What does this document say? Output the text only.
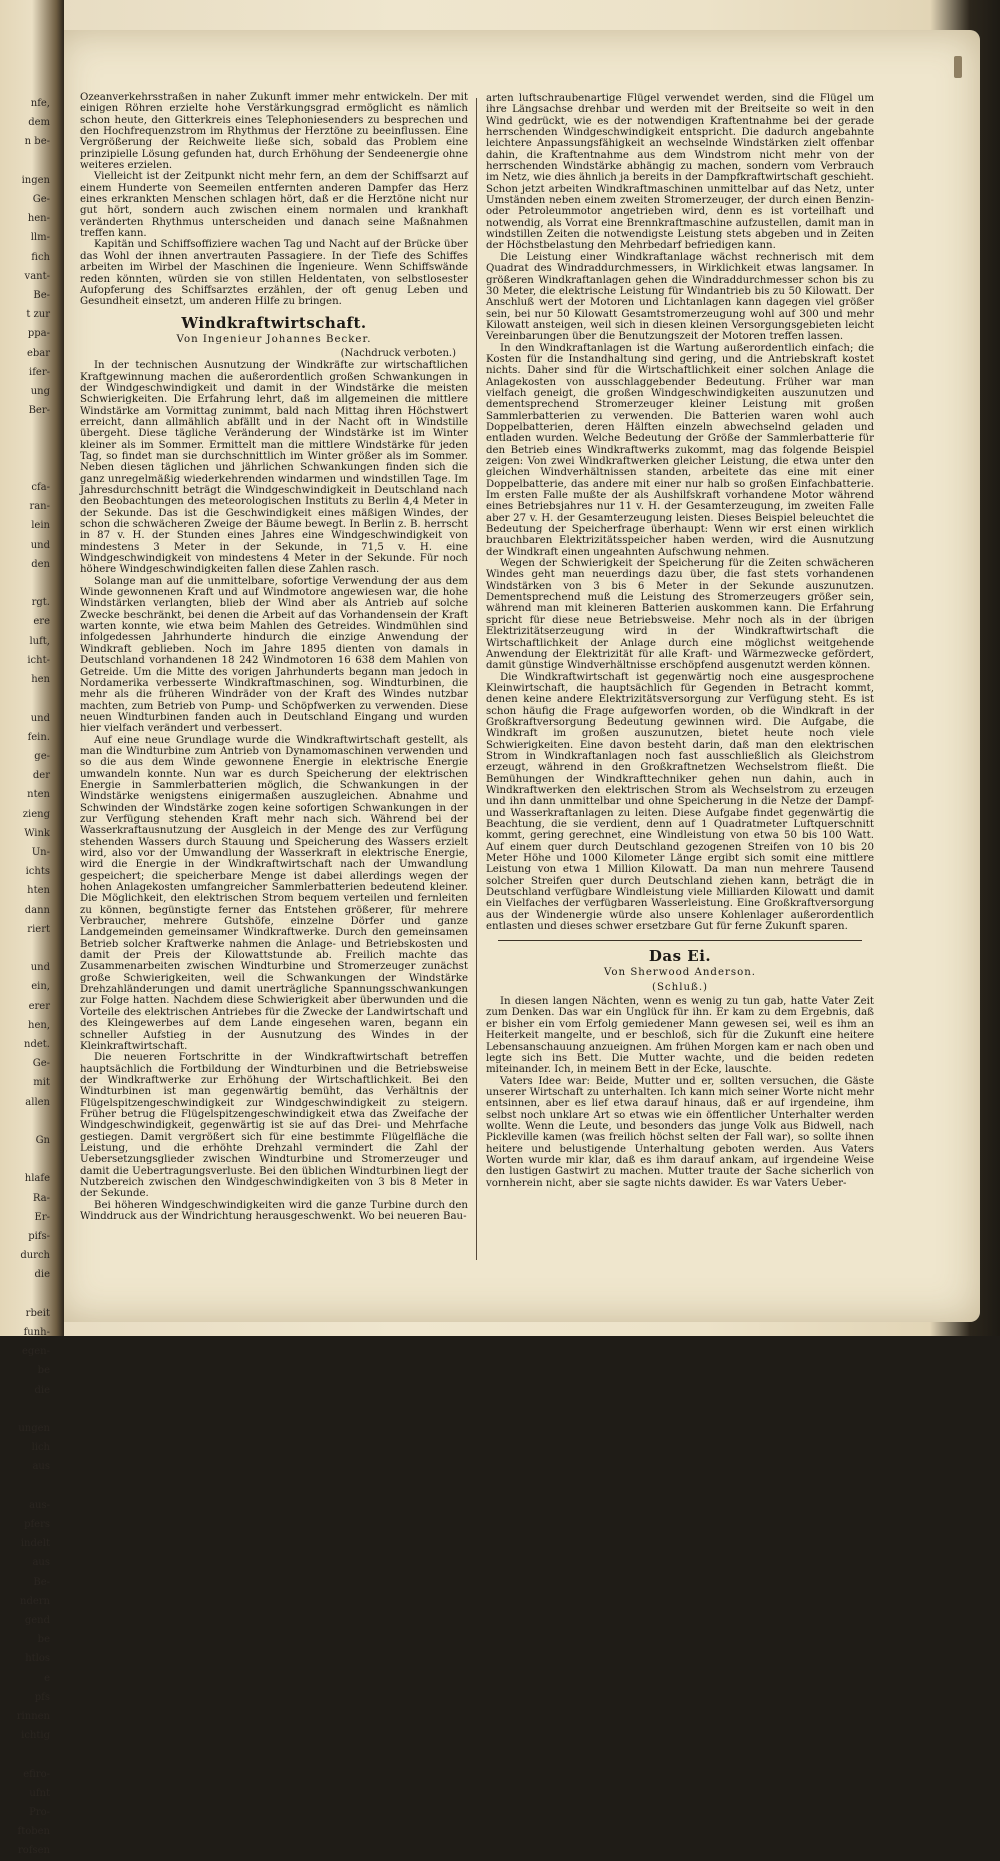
nfe,
dem
n be-

ingen
Ge-
hen-
llm-
fich
vant-
Be-
t zur
ppa-
ebar
ifer-
ung
Ber-

cfa-
ran-
lein
und
den

rgt.
ere
luft,
icht-
hen

und
fein.
ge-
der
nten
zieng
Wink
Un-
ichts
hten
dann
riert

und
ein,
erer
hen,
ndet.
Ge-
mit
allen

Gn

hlafe
Ra-
Er-
pifs-
durch
die

rbeit
funh-
egen-
be
die

ungen
lich
aus

aus-
pfers
indelt
aus
Be-
ndern
gend
be
htlos
e
pfs
rinnen
ichtig

efiro-
ufnt
Pro-
ftoben
rofsen

Ozeanverkehrsstraßen in naher Zukunft immer mehr entwickeln. Der mit einigen Röhren erzielte hohe Verstärkungsgrad ermöglicht es nämlich schon heute, den Gitterkreis eines Telephoniesenders zu besprechen und den Hochfrequenzstrom im Rhythmus der Herztöne zu beeinflussen. Eine Vergrößerung der Reichweite ließe sich, sobald das Problem eine prinzipielle Lösung gefunden hat, durch Erhöhung der Sendeenergie ohne weiteres erzielen.

Vielleicht ist der Zeitpunkt nicht mehr fern, an dem der Schiffsarzt auf einem Hunderte von Seemeilen entfernten anderen Dampfer das Herz eines erkrankten Menschen schlagen hört, daß er die Herztöne nicht nur gut hört, sondern auch zwischen einem normalen und krankhaft veränderten Rhythmus unterscheiden und danach seine Maßnahmen treffen kann.

Kapitän und Schiffsoffiziere wachen Tag und Nacht auf der Brücke über das Wohl der ihnen anvertrauten Passagiere. In der Tiefe des Schiffes arbeiten im Wirbel der Maschinen die Ingenieure. Wenn Schiffswände reden könnten, würden sie von stillen Heldentaten, von selbstlosester Aufopferung des Schiffsarztes erzählen, der oft genug Leben und Gesundheit einsetzt, um anderen Hilfe zu bringen.

Windkraftwirtschaft.
Von Ingenieur Johannes Becker.
(Nachdruck verboten.)

In der technischen Ausnutzung der Windkräfte zur wirtschaftlichen Kraftgewinnung machen die außerordentlich großen Schwankungen in der Windgeschwindigkeit und damit in der Windstärke die meisten Schwierigkeiten. Die Erfahrung lehrt, daß im allgemeinen die mittlere Windstärke am Vormittag zunimmt, bald nach Mittag ihren Höchstwert erreicht, dann allmählich abfällt und in der Nacht oft in Windstille übergeht. Diese tägliche Veränderung der Windstärke ist im Winter kleiner als im Sommer. Ermittelt man die mittlere Windstärke für jeden Tag, so findet man sie durchschnittlich im Winter größer als im Sommer. Neben diesen täglichen und jährlichen Schwankungen finden sich die ganz unregelmäßig wiederkehrenden windarmen und windstillen Tage. Im Jahresdurchschnitt beträgt die Windgeschwindigkeit in Deutschland nach den Beobachtungen des meteorologischen Instituts zu Berlin 4,4 Meter in der Sekunde. Das ist die Geschwindigkeit eines mäßigen Windes, der schon die schwächeren Zweige der Bäume bewegt. In Berlin z. B. herrscht in 87 v. H. der Stunden eines Jahres eine Windgeschwindigkeit von mindestens 3 Meter in der Sekunde, in 71,5 v. H. eine Windgeschwindigkeit von mindestens 4 Meter in der Sekunde. Für noch höhere Windgeschwindigkeiten fallen diese Zahlen rasch.

Solange man auf die unmittelbare, sofortige Verwendung der aus dem Winde gewonnenen Kraft und auf Windmotore angewiesen war, die hohe Windstärken verlangten, blieb der Wind aber als Antrieb auf solche Zwecke beschränkt, bei denen die Arbeit auf das Vorhandensein der Kraft warten konnte, wie etwa beim Mahlen des Getreides. Windmühlen sind infolgedessen Jahrhunderte hindurch die einzige Anwendung der Windkraft geblieben. Noch im Jahre 1895 dienten von damals in Deutschland vorhandenen 18 242 Windmotoren 16 638 dem Mahlen von Getreide. Um die Mitte des vorigen Jahrhunderts begann man jedoch in Nordamerika verbesserte Windkraftmaschinen, sog. Windturbinen, die mehr als die früheren Windräder von der Kraft des Windes nutzbar machten, zum Betrieb von Pump- und Schöpfwerken zu verwenden. Diese neuen Windturbinen fanden auch in Deutschland Eingang und wurden hier vielfach verändert und verbessert.

Auf eine neue Grundlage wurde die Windkraftwirtschaft gestellt, als man die Windturbine zum Antrieb von Dynamomaschinen verwenden und so die aus dem Winde gewonnene Energie in elektrische Energie umwandeln konnte. Nun war es durch Speicherung der elektrischen Energie in Sammlerbatterien möglich, die Schwankungen in der Windstärke wenigstens einigermaßen auszugleichen. Abnahme und Schwinden der Windstärke zogen keine sofortigen Schwankungen in der zur Verfügung stehenden Kraft mehr nach sich. Während bei der Wasserkraftausnutzung der Ausgleich in der Menge des zur Verfügung stehenden Wassers durch Stauung und Speicherung des Wassers erzielt wird, also vor der Umwandlung der Wasserkraft in elektrische Energie, wird die Energie in der Windkraftwirtschaft nach der Umwandlung gespeichert; die speicherbare Menge ist dabei allerdings wegen der hohen Anlagekosten umfangreicher Sammlerbatterien bedeutend kleiner. Die Möglichkeit, den elektrischen Strom bequem verteilen und fernleiten zu können, begünstigte ferner das Entstehen größerer, für mehrere Verbraucher, mehrere Gutshöfe, einzelne Dörfer und ganze Landgemeinden gemeinsamer Windkraftwerke. Durch den gemeinsamen Betrieb solcher Kraftwerke nahmen die Anlage- und Betriebskosten und damit der Preis der Kilowattstunde ab. Freilich machte das Zusammenarbeiten zwischen Windturbine und Stromerzeuger zunächst große Schwierigkeiten, weil die Schwankungen der Windstärke Drehzahländerungen und damit unerträgliche Spannungsschwankungen zur Folge hatten. Nachdem diese Schwierigkeit aber überwunden und die Vorteile des elektrischen Antriebes für die Zwecke der Landwirtschaft und des Kleingewerbes auf dem Lande eingesehen waren, begann ein schneller Aufstieg in der Ausnutzung des Windes in der Kleinkraftwirtschaft.

Die neueren Fortschritte in der Windkraftwirtschaft betreffen hauptsächlich die Fortbildung der Windturbinen und die Betriebsweise der Windkraftwerke zur Erhöhung der Wirtschaftlichkeit. Bei den Windturbinen ist man gegenwärtig bemüht, das Verhältnis der Flügelspitzengeschwindigkeit zur Windgeschwindigkeit zu steigern. Früher betrug die Flügelspitzengeschwindigkeit etwa das Zweifache der Windgeschwindigkeit, gegenwärtig ist sie auf das Drei- und Mehrfache gestiegen. Damit vergrößert sich für eine bestimmte Flügelfläche die Leistung, und die erhöhte Drehzahl vermindert die Zahl der Uebersetzungsglieder zwischen Windturbine und Stromerzeuger und damit die Uebertragungsverluste. Bei den üblichen Windturbinen liegt der Nutzbereich zwischen den Windgeschwindigkeiten von 3 bis 8 Meter in der Sekunde.

Bei höheren Windgeschwindigkeiten wird die ganze Turbine durch den Winddruck aus der Windrichtung herausgeschwenkt. Wo bei neueren Bau-

arten luftschraubenartige Flügel verwendet werden, sind die Flügel um ihre Längsachse drehbar und werden mit der Breitseite so weit in den Wind gedrückt, wie es der notwendigen Kraftentnahme bei der gerade herrschenden Windgeschwindigkeit entspricht. Die dadurch angebahnte leichtere Anpassungsfähigkeit an wechselnde Windstärken zielt offenbar dahin, die Kraftentnahme aus dem Windstrom nicht mehr von der herrschenden Windstärke abhängig zu machen, sondern vom Verbrauch im Netz, wie dies ähnlich ja bereits in der Dampfkraftwirtschaft geschieht. Schon jetzt arbeiten Windkraftmaschinen unmittelbar auf das Netz, unter Umständen neben einem zweiten Stromerzeuger, der durch einen Benzin- oder Petroleummotor angetrieben wird, denn es ist vorteilhaft und notwendig, als Vorrat eine Brennkraftmaschine aufzustellen, damit man in windstillen Zeiten die notwendigste Leistung stets abgeben und in Zeiten der Höchstbelastung den Mehrbedarf befriedigen kann.

Die Leistung einer Windkraftanlage wächst rechnerisch mit dem Quadrat des Windraddurchmessers, in Wirklichkeit etwas langsamer. In größeren Windkraftanlagen gehen die Windraddurchmesser schon bis zu 30 Meter, die elektrische Leistung für Windantrieb bis zu 50 Kilowatt. Der Anschluß wert der Motoren und Lichtanlagen kann dagegen viel größer sein, bei nur 50 Kilowatt Gesamtstromerzeugung wohl auf 300 und mehr Kilowatt ansteigen, weil sich in diesen kleinen Versorgungsgebieten leicht Vereinbarungen über die Benutzungszeit der Motoren treffen lassen.

In den Windkraftanlagen ist die Wartung außerordentlich einfach; die Kosten für die Instandhaltung sind gering, und die Antriebskraft kostet nichts. Daher sind für die Wirtschaftlichkeit einer solchen Anlage die Anlagekosten von ausschlaggebender Bedeutung. Früher war man vielfach geneigt, die großen Windgeschwindigkeiten auszunutzen und dementsprechend Stromerzeuger kleiner Leistung mit großen Sammlerbatterien zu verwenden. Die Batterien waren wohl auch Doppelbatterien, deren Hälften einzeln abwechselnd geladen und entladen wurden. Welche Bedeutung der Größe der Sammlerbatterie für den Betrieb eines Windkraftwerks zukommt, mag das folgende Beispiel zeigen: Von zwei Windkraftwerken gleicher Leistung, die etwa unter den gleichen Windverhältnissen standen, arbeitete das eine mit einer Doppelbatterie, das andere mit einer nur halb so großen Einfachbatterie. Im ersten Falle mußte der als Aushilfskraft vorhandene Motor während eines Betriebsjahres nur 11 v. H. der Gesamterzeugung, im zweiten Falle aber 27 v. H. der Gesamterzeugung leisten. Dieses Beispiel beleuchtet die Bedeutung der Speicherfrage überhaupt: Wenn wir erst einen wirklich brauchbaren Elektrizitätsspeicher haben werden, wird die Ausnutzung der Windkraft einen ungeahnten Aufschwung nehmen.

Wegen der Schwierigkeit der Speicherung für die Zeiten schwächeren Windes geht man neuerdings dazu über, die fast stets vorhandenen Windstärken von 3 bis 6 Meter in der Sekunde auszunutzen. Dementsprechend muß die Leistung des Stromerzeugers größer sein, während man mit kleineren Batterien auskommen kann. Die Erfahrung spricht für diese neue Betriebsweise. Mehr noch als in der übrigen Elektrizitätserzeugung wird in der Windkraftwirtschaft die Wirtschaftlichkeit der Anlage durch eine möglichst weitgehende Anwendung der Elektrizität für alle Kraft- und Wärmezwecke gefördert, damit günstige Windverhältnisse erschöpfend ausgenutzt werden können.

Die Windkraftwirtschaft ist gegenwärtig noch eine ausgesprochene Kleinwirtschaft, die hauptsächlich für Gegenden in Betracht kommt, denen keine andere Elektrizitätsversorgung zur Verfügung steht. Es ist schon häufig die Frage aufgeworfen worden, ob die Windkraft in der Großkraftversorgung Bedeutung gewinnen wird. Die Aufgabe, die Windkraft im großen auszunutzen, bietet heute noch viele Schwierigkeiten. Eine davon besteht darin, daß man den elektrischen Strom in Windkraftanlagen noch fast ausschließlich als Gleichstrom erzeugt, während in den Großkraftnetzen Wechselstrom fließt. Die Bemühungen der Windkrafttechniker gehen nun dahin, auch in Windkraftwerken den elektrischen Strom als Wechselstrom zu erzeugen und ihn dann unmittelbar und ohne Speicherung in die Netze der Dampf- und Wasserkraftanlagen zu leiten. Diese Aufgabe findet gegenwärtig die Beachtung, die sie verdient, denn auf 1 Quadratmeter Luftquerschnitt kommt, gering gerechnet, eine Windleistung von etwa 50 bis 100 Watt. Auf einem quer durch Deutschland gezogenen Streifen von 10 bis 20 Meter Höhe und 1000 Kilometer Länge ergibt sich somit eine mittlere Leistung von etwa 1 Million Kilowatt. Da man nun mehrere Tausend solcher Streifen quer durch Deutschland ziehen kann, beträgt die in Deutschland verfügbare Windleistung viele Milliarden Kilowatt und damit ein Vielfaches der verfügbaren Wasserleistung. Eine Großkraftversorgung aus der Windenergie würde also unsere Kohlenlager außerordentlich entlasten und dieses schwer ersetzbare Gut für ferne Zukunft sparen.

Das Ei.
Von Sherwood Anderson.
(Schluß.)

In diesen langen Nächten, wenn es wenig zu tun gab, hatte Vater Zeit zum Denken. Das war ein Unglück für ihn. Er kam zu dem Ergebnis, daß er bisher ein vom Erfolg gemiedener Mann gewesen sei, weil es ihm an Heiterkeit mangelte, und er beschloß, sich für die Zukunft eine heitere Lebensanschauung anzueignen. Am frühen Morgen kam er nach oben und legte sich ins Bett. Die Mutter wachte, und die beiden redeten miteinander. Ich, in meinem Bett in der Ecke, lauschte.

Vaters Idee war: Beide, Mutter und er, sollten versuchen, die Gäste unserer Wirtschaft zu unterhalten. Ich kann mich seiner Worte nicht mehr entsinnen, aber es lief etwa darauf hinaus, daß er auf irgendeine, ihm selbst noch unklare Art so etwas wie ein öffentlicher Unterhalter werden wollte. Wenn die Leute, und besonders das junge Volk aus Bidwell, nach Pickleville kamen (was freilich höchst selten der Fall war), so sollte ihnen heitere und belustigende Unterhaltung geboten werden. Aus Vaters Worten wurde mir klar, daß es ihm darauf ankam, auf irgendeine Weise den lustigen Gastwirt zu machen. Mutter traute der Sache sicherlich von vornherein nicht, aber sie sagte nichts dawider. Es war Vaters Ueber-
